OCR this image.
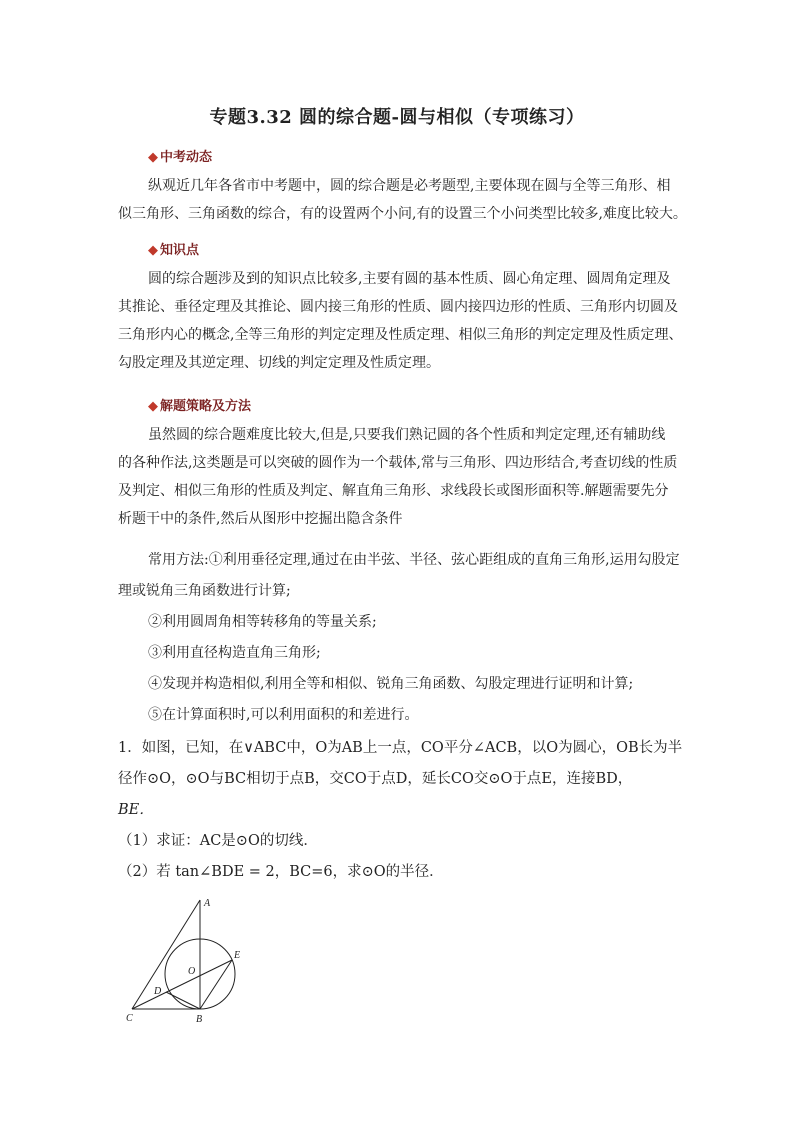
专题3.32 圆的综合题-圆与相似（专项练习）
◆ 中考动态
纵观近几年各省市中考题中，圆的综合题是必考题型,主要体现在圆与全等三角形、相
似三角形、三角函数的综合，有的设置两个小问,有的设置三个小问类型比较多,难度比较大。
◆ 知识点
圆的综合题涉及到的知识点比较多,主要有圆的基本性质、圆心角定理、圆周角定理及
其推论、垂径定理及其推论、圆内接三角形的性质、圆内接四边形的性质、三角形内切圆及
三角形内心的概念,全等三角形的判定定理及性质定理、相似三角形的判定定理及性质定理、
勾股定理及其逆定理、切线的判定定理及性质定理。
◆ 解题策略及方法
虽然圆的综合题难度比较大,但是,只要我们熟记圆的各个性质和判定定理,还有辅助线
的各种作法,这类题是可以突破的圆作为一个载体,常与三角形、四边形结合,考查切线的性质
及判定、相似三角形的性质及判定、解直角三角形、求线段长或图形面积等.解题需要先分
析题干中的条件,然后从图形中挖掘出隐含条件
常用方法:①利用垂径定理,通过在由半弦、半径、弦心距组成的直角三角形,运用勾股定
理或锐角三角函数进行计算;
②利用圆周角相等转移角的等量关系;
③利用直径构造直角三角形;
④发现并构造相似,利用全等和相似、锐角三角函数、勾股定理进行证明和计算;
⑤在计算面积时,可以利用面积的和差进行。
1．如图，已知，在∨ABC中，O为AB上一点，CO平分∠ACB，以O为圆心，OB长为半
径作⊙O，⊙O与BC相切于点B，交CO于点D，延长CO交⊙O于点E，连接BD，
BE．
（1）求证：AC是⊙O的切线．
（2）若 tan∠BDE = 2，BC=6，求⊙O的半径．
A
O
E
D
C	B
